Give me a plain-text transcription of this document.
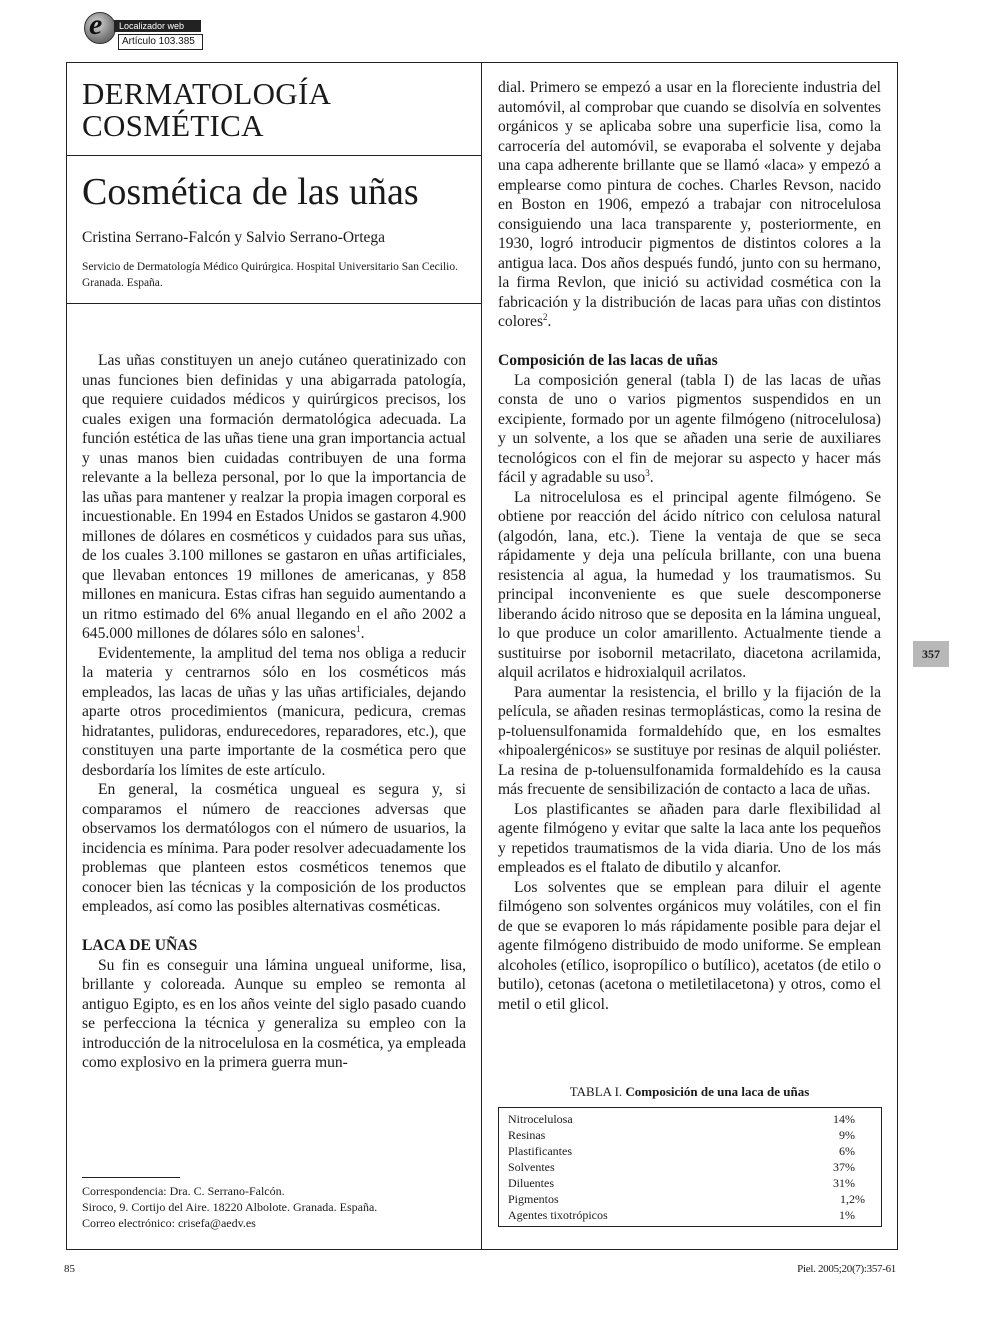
e	Localizador web
Artículo 103.385
DERMATOLOGÍA
COSMÉTICA
Cosmética de las uñas
Cristina Serrano-Falcón y Salvio Serrano-Ortega
Servicio de Dermatología Médico Quirúrgica. Hospital Universitario San Cecilio. Granada. España.

Las uñas constituyen un anejo cutáneo queratinizado con unas funciones bien definidas y una abigarrada patología, que requiere cuidados médicos y quirúrgicos precisos, los cuales exigen una formación dermatológica adecuada. La función estética de las uñas tiene una gran importancia actual y unas manos bien cuidadas contribuyen de una forma relevante a la belleza personal, por lo que la importancia de las uñas para mantener y realzar la propia imagen corporal es incuestionable. En 1994 en Estados Unidos se gastaron 4.900 millones de dólares en cosméticos y cuidados para sus uñas, de los cuales 3.100 millones se gastaron en uñas artificiales, que llevaban entonces 19 millones de americanas, y 858 millones en manicura. Estas cifras han seguido aumentando a un ritmo estimado del 6% anual llegando en el año 2002 a 645.000 millones de dólares sólo en salones$^1$.

Evidentemente, la amplitud del tema nos obliga a reducir la materia y centrarnos sólo en los cosméticos más empleados, las lacas de uñas y las uñas artificiales, dejando aparte otros procedimientos (manicura, pedicura, cremas hidratantes, pulidoras, endurecedores, reparadores, etc.), que constituyen una parte importante de la cosmética pero que desbordaría los límites de este artículo.

En general, la cosmética ungueal es segura y, si comparamos el número de reacciones adversas que observamos los dermatólogos con el número de usuarios, la incidencia es mínima. Para poder resolver adecuadamente los problemas que planteen estos cosméticos tenemos que conocer bien las técnicas y la composición de los productos empleados, así como las posibles alternativas cosméticas.

LACA DE UÑAS

Su fin es conseguir una lámina ungueal uniforme, lisa, brillante y coloreada. Aunque su empleo se remonta al antiguo Egipto, es en los años veinte del siglo pasado cuando se perfecciona la técnica y generaliza su empleo con la introducción de la nitrocelulosa en la cosmética, ya empleada como explosivo en la primera guerra mun-

Correspondencia: Dra. C. Serrano-Falcón.
Siroco, 9. Cortijo del Aire. 18220 Albolote. Granada. España.
Correo electrónico: crisefa@aedv.es

dial. Primero se empezó a usar en la floreciente industria del automóvil, al comprobar que cuando se disolvía en solventes orgánicos y se aplicaba sobre una superficie lisa, como la carrocería del automóvil, se evaporaba el solvente y dejaba una capa adherente brillante que se llamó «laca» y empezó a emplearse como pintura de coches. Charles Revson, nacido en Boston en 1906, empezó a trabajar con nitrocelulosa consiguiendo una laca transparente y, posteriormente, en 1930, logró introducir pigmentos de distintos colores a la antigua laca. Dos años después fundó, junto con su hermano, la firma Revlon, que inició su actividad cosmética con la fabricación y la distribución de lacas para uñas con distintos colores$^2$.

Composición de las lacas de uñas

La composición general (tabla I) de las lacas de uñas consta de uno o varios pigmentos suspendidos en un excipiente, formado por un agente filmógeno (nitrocelulosa) y un solvente, a los que se añaden una serie de auxiliares tecnológicos con el fin de mejorar su aspecto y hacer más fácil y agradable su uso$^3$.

La nitrocelulosa es el principal agente filmógeno. Se obtiene por reacción del ácido nítrico con celulosa natural (algodón, lana, etc.). Tiene la ventaja de que se seca rápidamente y deja una película brillante, con una buena resistencia al agua, la humedad y los traumatismos. Su principal inconveniente es que suele descomponerse liberando ácido nitroso que se deposita en la lámina ungueal, lo que produce un color amarillento. Actualmente tiende a sustituirse por isobornil metacrilato, diacetona acrilamida, alquil acrilatos e hidroxialquil acrilatos.

Para aumentar la resistencia, el brillo y la fijación de la película, se añaden resinas termoplásticas, como la resina de p-toluensulfonamida formaldehído que, en los esmaltes «hipoalergénicos» se sustituye por resinas de alquil poliéster. La resina de p-toluensulfonamida formaldehído es la causa más frecuente de sensibilización de contacto a laca de uñas.

Los plastificantes se añaden para darle flexibilidad al agente filmógeno y evitar que salte la laca ante los pequeños y repetidos traumatismos de la vida diaria. Uno de los más empleados es el ftalato de dibutilo y alcanfor.

Los solventes que se emplean para diluir el agente filmógeno son solventes orgánicos muy volátiles, con el fin de que se evaporen lo más rápidamente posible para dejar el agente filmógeno distribuido de modo uniforme. Se emplean alcoholes (etílico, isopropílico o butílico), acetatos (de etilo o butilo), cetonas (acetona o metiletilacetona) y otros, como el metil o etil glicol.

TABLA I. Composición de una laca de uñas
Nitrocelulosa	14%
Resinas	9%
Plastificantes	6%
Solventes	37%
Diluentes	31%
Pigmentos	1,2%
Agentes tixotrópicos	1%
357
85	Piel. 2005;20(7):357-61
